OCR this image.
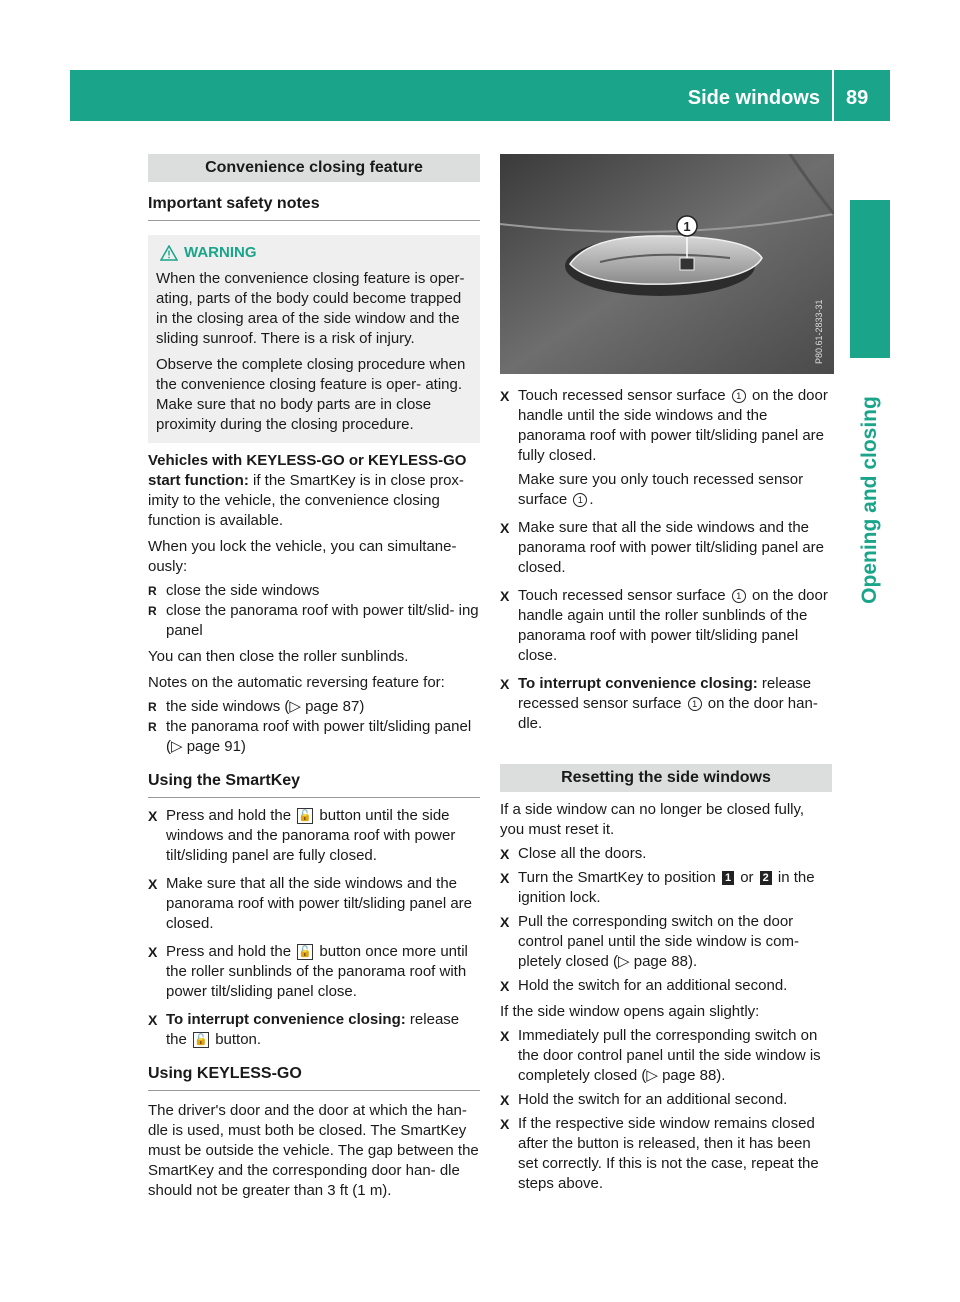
Side windows 89
Opening and closing
Convenience closing feature
Important safety notes
WARNING

When the convenience closing feature is oper- ating, parts of the body could become trapped in the closing area of the side window and the sliding sunroof. There is a risk of injury.

Observe the complete closing procedure when the convenience closing feature is oper- ating. Make sure that no body parts are in close proximity during the closing procedure.

Vehicles with KEYLESS-GO or KEYLESS-GO start function: if the SmartKey is in close prox- imity to the vehicle, the convenience closing function is available.

When you lock the vehicle, you can simultane- ously:

R close the side windows
R close the panorama roof with power tilt/slid- ing panel

You can then close the roller sunblinds.

Notes on the automatic reversing feature for:

R the side windows (▷ page 87)
R the panorama roof with power tilt/sliding panel (▷ page 91)
Using the SmartKey
X Press and hold the 🔓 button until the side windows and the panorama roof with power tilt/sliding panel are fully closed.
X Make sure that all the side windows and the panorama roof with power tilt/sliding panel are closed.
X Press and hold the 🔓 button once more until the roller sunblinds of the panorama roof with power tilt/sliding panel close.
X To interrupt convenience closing: release the 🔓 button.
Using KEYLESS-GO

The driver's door and the door at which the han- dle is used, must both be closed. The SmartKey must be outside the vehicle. The gap between the SmartKey and the corresponding door han- dle should not be greater than 3 ft (1 m).

1
P80.61-2833-31
X Touch recessed sensor surface 1 on the door handle until the side windows and the panorama roof with power tilt/sliding panel are fully closed.
Make sure you only touch recessed sensor surface 1 .
X Make sure that all the side windows and the panorama roof with power tilt/sliding panel are closed.
X Touch recessed sensor surface 1 on the door handle again until the roller sunblinds of the panorama roof with power tilt/sliding panel close.
X To interrupt convenience closing: release recessed sensor surface 1 on the door han- dle.
Resetting the side windows

If a side window can no longer be closed fully, you must reset it.

X Close all the doors.
X Turn the SmartKey to position 1 or 2 in the ignition lock.
X Pull the corresponding switch on the door control panel until the side window is com- pletely closed (▷ page 88).
X Hold the switch for an additional second.

If the side window opens again slightly:

X Immediately pull the corresponding switch on the door control panel until the side window is completely closed (▷ page 88).
X Hold the switch for an additional second.
X If the respective side window remains closed after the button is released, then it has been set correctly. If this is not the case, repeat the steps above.
